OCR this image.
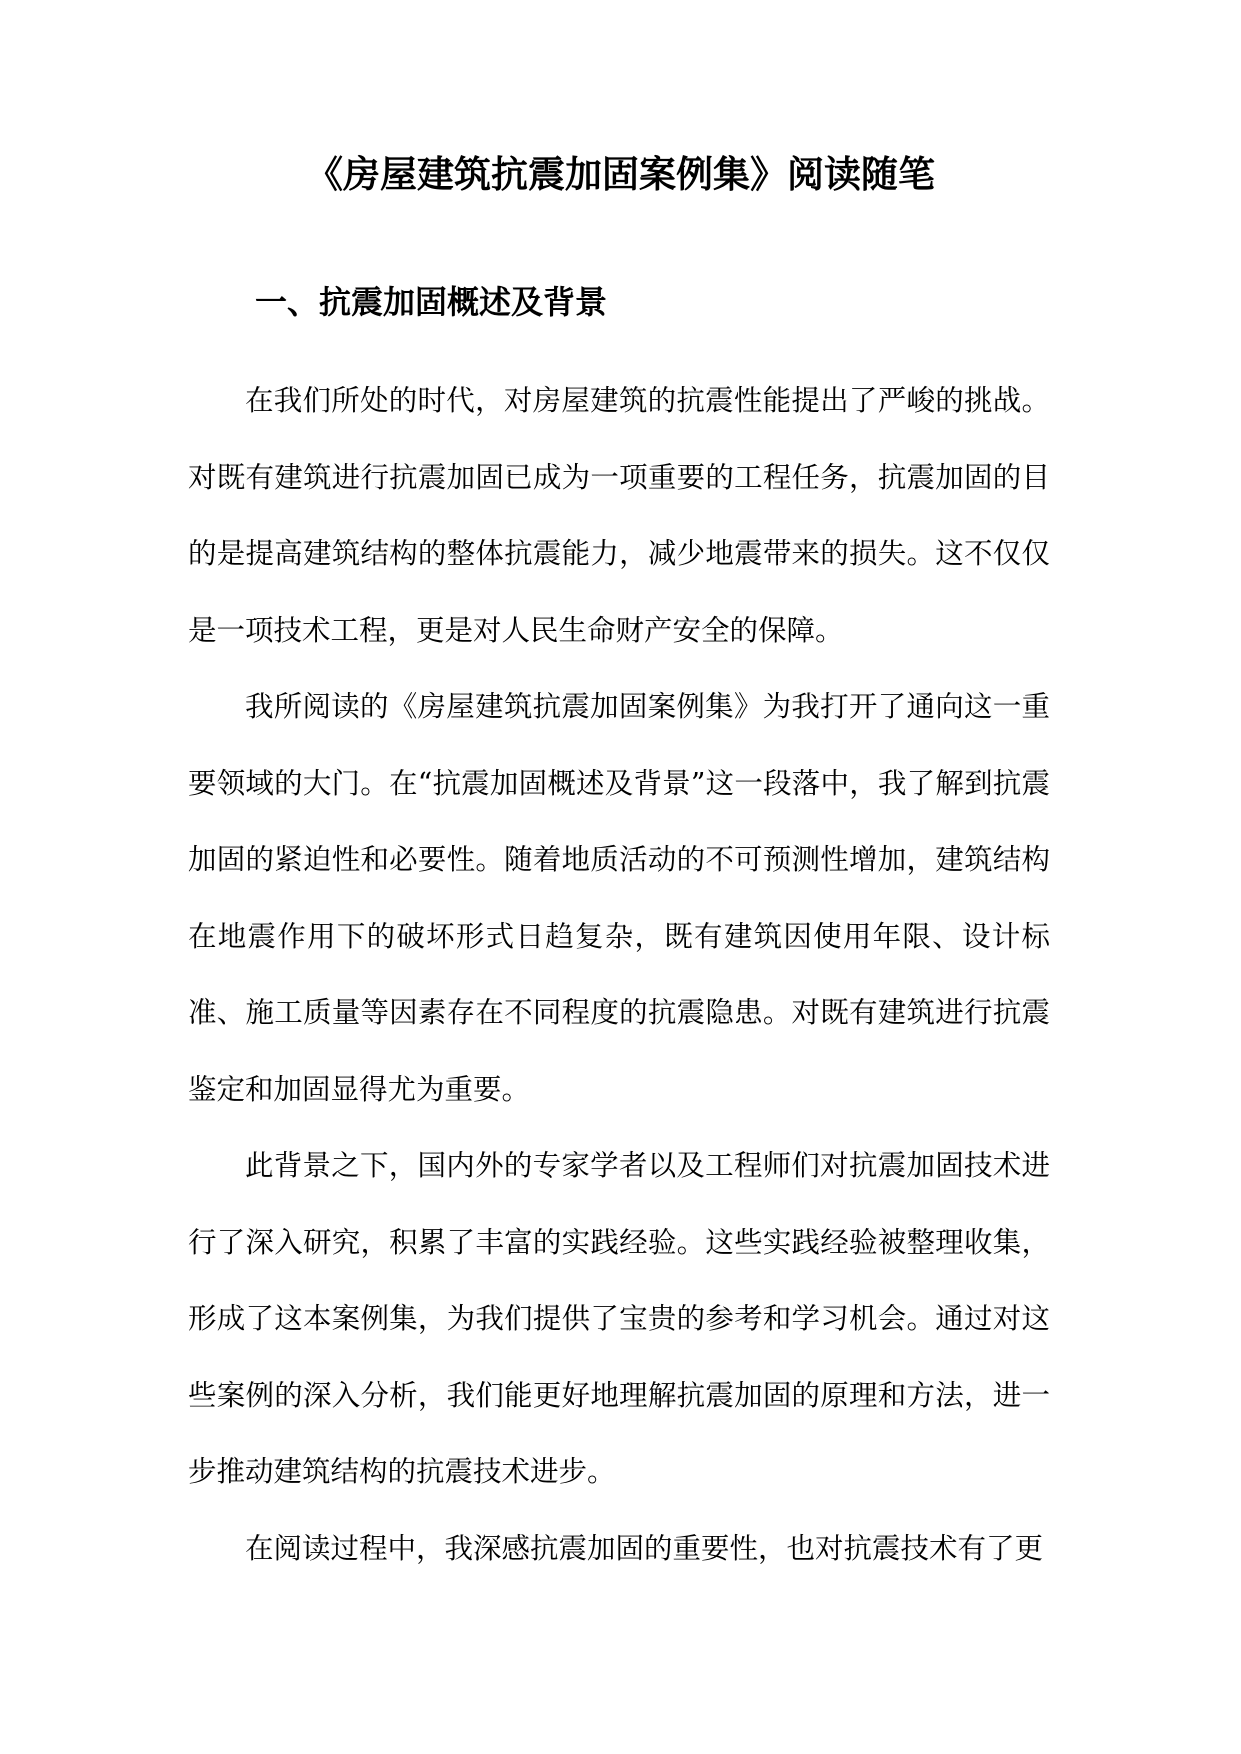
《房屋建筑抗震加固案例集》阅读随笔
一、抗震加固概述及背景

在我们所处的时代，对房屋建筑的抗震性能提出了严峻的挑战。对既有建筑进行抗震加固已成为一项重要的工程任务，抗震加固的目的是提高建筑结构的整体抗震能力，减少地震带来的损失。这不仅仅是一项技术工程，更是对人民生命财产安全的保障。

我所阅读的《房屋建筑抗震加固案例集》为我打开了通向这一重要领域的大门。在“抗震加固概述及背景”这一段落中，我了解到抗震加固的紧迫性和必要性。随着地质活动的不可预测性增加，建筑结构在地震作用下的破坏形式日趋复杂，既有建筑因使用年限、设计标准、施工质量等因素存在不同程度的抗震隐患。对既有建筑进行抗震鉴定和加固显得尤为重要。

此背景之下，国内外的专家学者以及工程师们对抗震加固技术进行了深入研究，积累了丰富的实践经验。这些实践经验被整理收集，形成了这本案例集，为我们提供了宝贵的参考和学习机会。通过对这些案例的深入分析，我们能更好地理解抗震加固的原理和方法，进一步推动建筑结构的抗震技术进步。

在阅读过程中，我深感抗震加固的重要性，也对抗震技术有了更
